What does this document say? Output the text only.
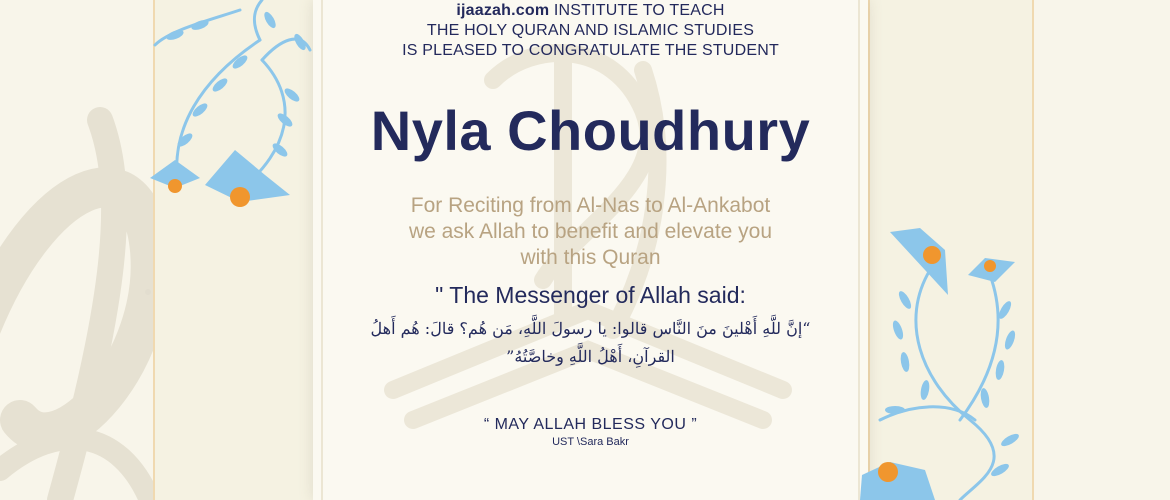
ijaazah.com INSTITUTE TO TEACH
THE HOLY QURAN AND ISLAMIC STUDIES
IS PLEASED TO CONGRATULATE THE STUDENT
Nyla Choudhury
For Reciting from Al-Nas to Al-Ankabot
we ask Allah to benefit and elevate you
with this Quran
" The Messenger of Allah said:
“إنَّ للَّهِ أَهْلينَ منَ النَّاس قالوا: يا رسولَ اللَّهِ، مَن هُم؟ قالَ: هُم أَهلُ
القرآنِ، أَهْلُ اللَّهِ وخاصَّتُهُ”
“ MAY ALLAH BLESS YOU ”
UST \Sara Bakr
